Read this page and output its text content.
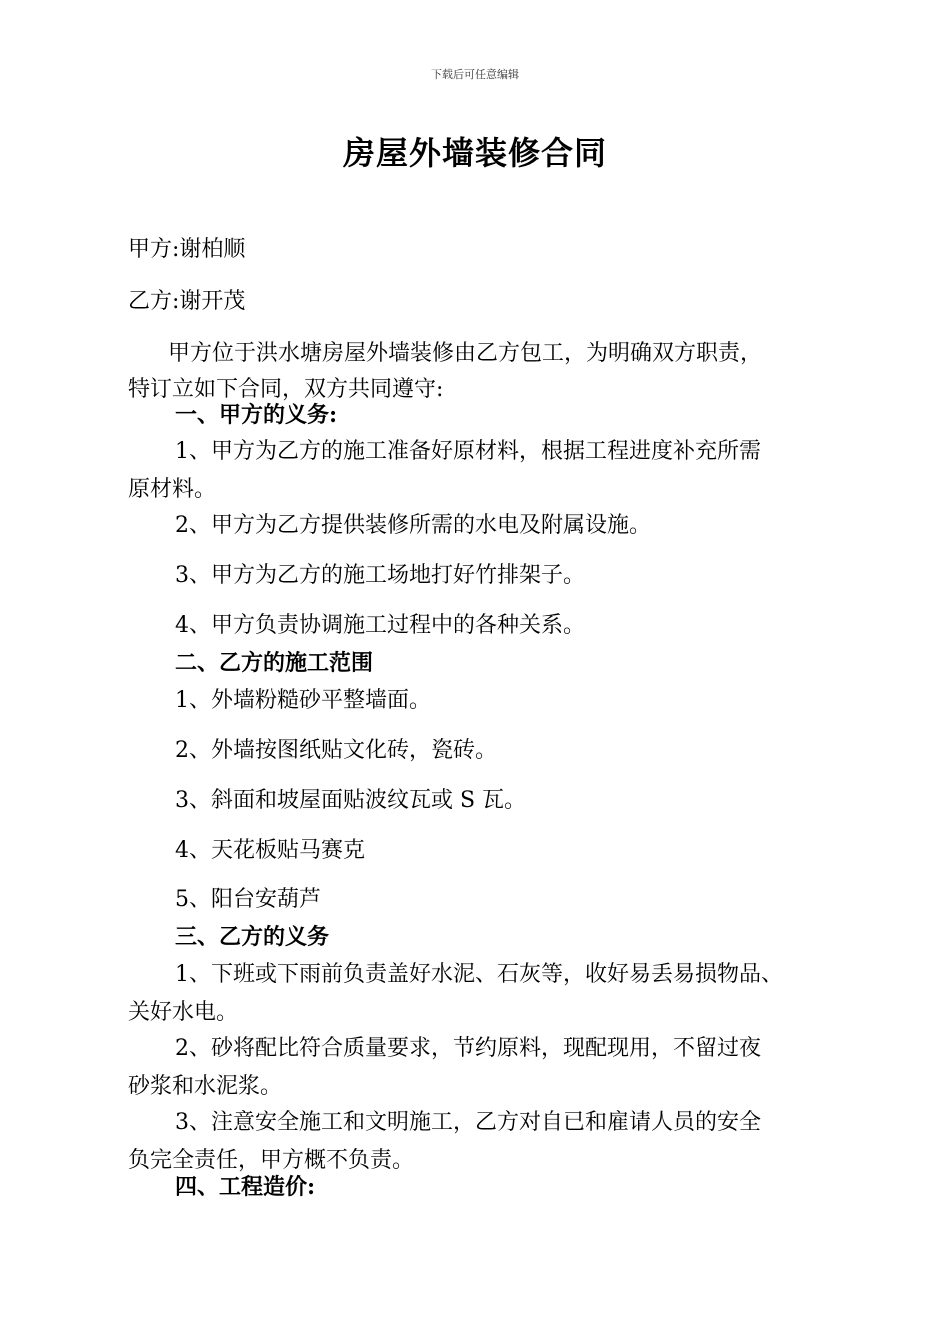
下载后可任意编辑
房屋外墙装修合同
甲方:谢柏顺
乙方:谢开茂
甲方位于洪水塘房屋外墙装修由乙方包工，为明确双方职责，
特订立如下合同，双方共同遵守:
一、甲方的义务:
1、甲方为乙方的施工准备好原材料，根据工程进度补充所需
原材料。
2、甲方为乙方提供装修所需的水电及附属设施。
3、甲方为乙方的施工场地打好竹排架子。
4、甲方负责协调施工过程中的各种关系。
二、乙方的施工范围
1、外墙粉糙砂平整墙面。
2、外墙按图纸贴文化砖，瓷砖。
3、斜面和坡屋面贴波纹瓦或 S 瓦。
4、天花板贴马赛克
5、阳台安葫芦
三、乙方的义务
1、下班或下雨前负责盖好水泥、石灰等，收好易丢易损物品、
关好水电。
2、砂将配比符合质量要求，节约原料，现配现用，不留过夜
砂浆和水泥浆。
3、注意安全施工和文明施工，乙方对自已和雇请人员的安全
负完全责任，甲方概不负责。
四、工程造价:
